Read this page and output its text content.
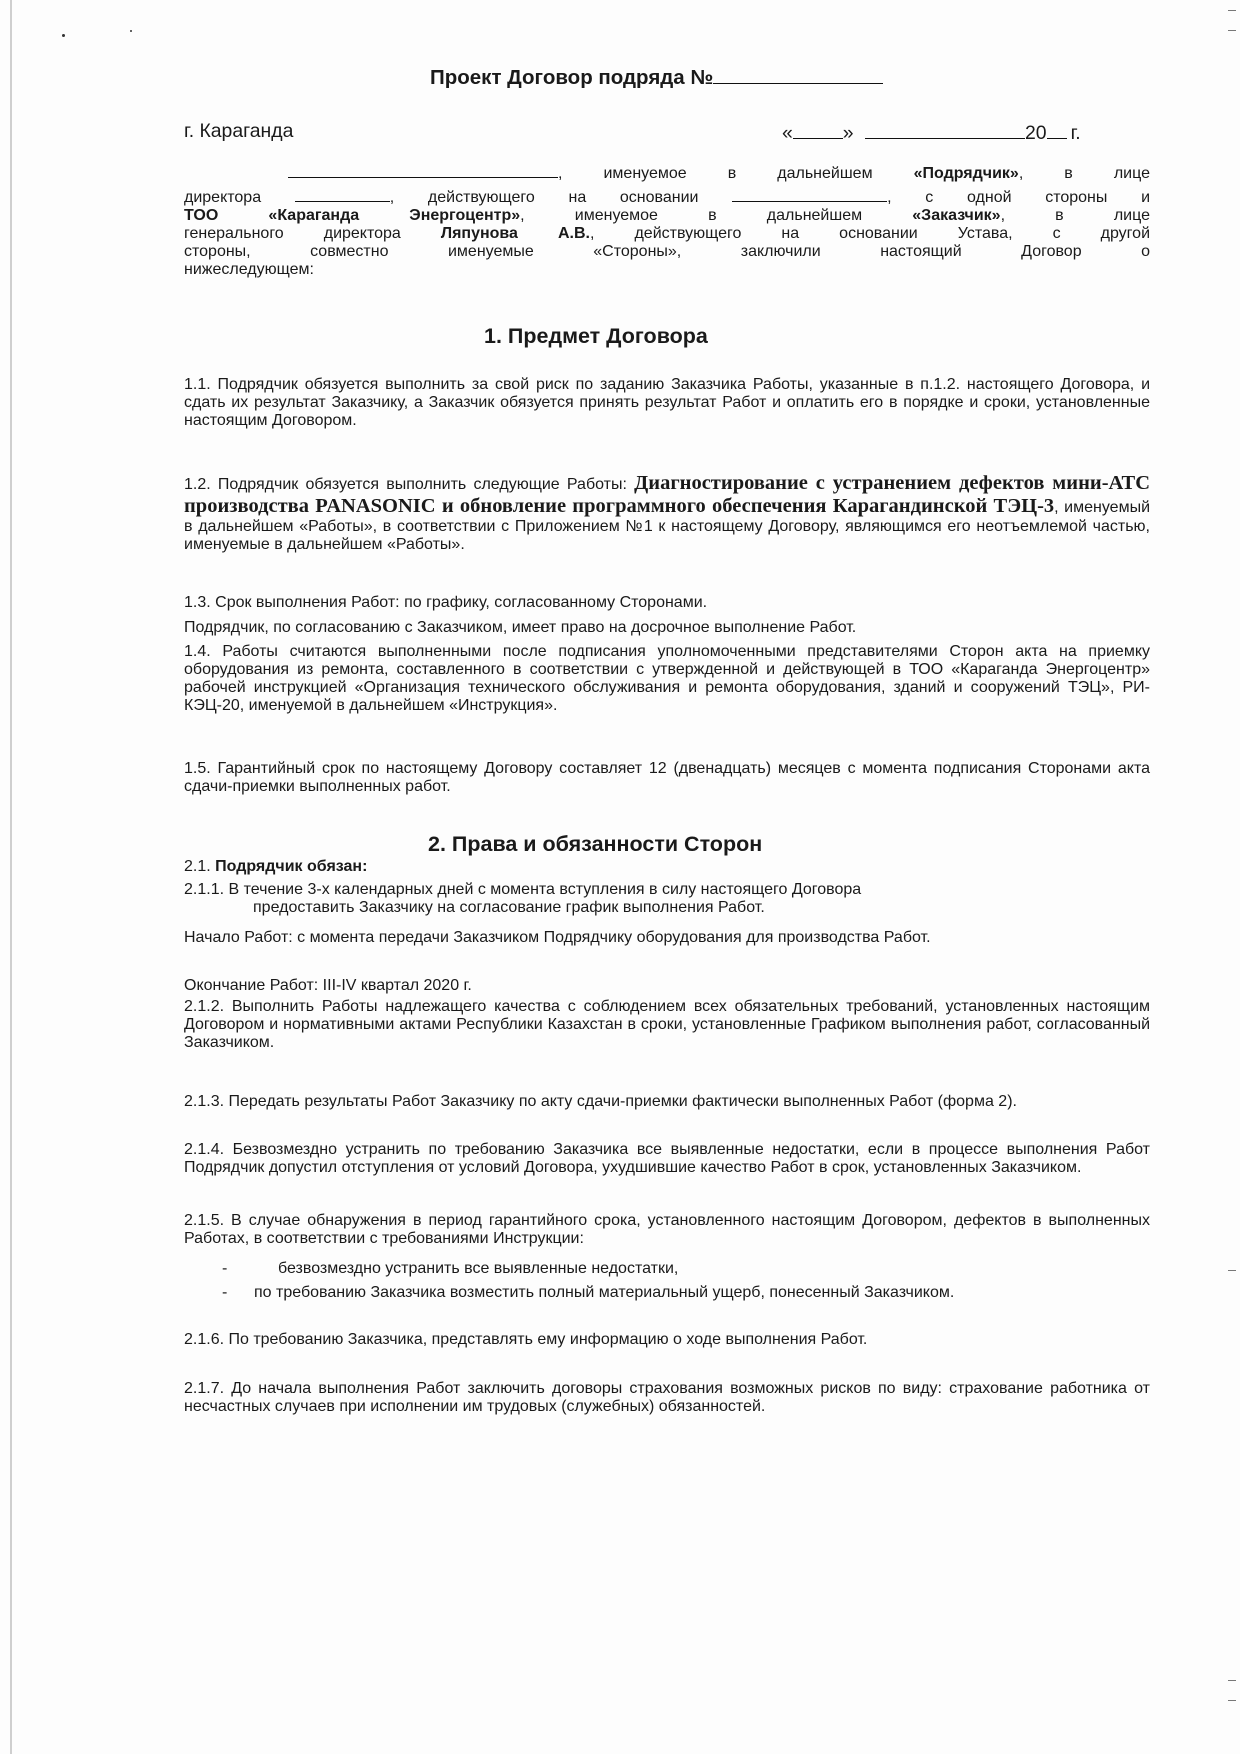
Проект Договор подряда №
г. Караганда	«	»	20 г.
, именуемое в дальнейшем «Подрядчик», в лице
директора	, действующего на основании	, с одной стороны и
ТОО «Караганда Энергоцентр», именуемое в дальнейшем «Заказчик», в лице
генерального директора Ляпунова А.В., действующего на основании Устава, с другой
стороны, совместно именуемые «Стороны», заключили настоящий Договор о
нижеследующем:
1. Предмет Договора
1.1. Подрядчик обязуется выполнить за свой риск по заданию Заказчика Работы, указанные в п.1.2. настоящего Договора, и сдать их результат Заказчику, а Заказчик обязуется принять результат Работ и оплатить его в порядке и сроки, установленные настоящим Договором.
1.2. Подрядчик обязуется выполнить следующие Работы: Диагностирование с устранением дефектов мини-АТС производства PANASONIC и обновление программного обеспечения Карагандинской ТЭЦ-3, именуемый в дальнейшем «Работы», в соответствии с Приложением №1 к настоящему Договору, являющимся его неотъемлемой частью, именуемые в дальнейшем «Работы».
1.3. Срок выполнения Работ: по графику, согласованному Сторонами.
Подрядчик, по согласованию с Заказчиком, имеет право на досрочное выполнение Работ.
1.4. Работы считаются выполненными после подписания уполномоченными представителями Сторон акта на приемку оборудования из ремонта, составленного в соответствии с утвержденной и действующей в ТОО «Караганда Энергоцентр» рабочей инструкцией «Организация технического обслуживания и ремонта оборудования, зданий и сооружений ТЭЦ», РИ-КЭЦ-20, именуемой в дальнейшем «Инструкция».
1.5. Гарантийный срок по настоящему Договору составляет 12 (двенадцать) месяцев с момента подписания Сторонами акта сдачи-приемки выполненных работ.
2. Права и обязанности Сторон
2.1. Подрядчик обязан:
2.1.1. В течение 3-х календарных дней с момента вступления в силу настоящего Договора
предоставить Заказчику на согласование график выполнения Работ.
Начало Работ: с момента передачи Заказчиком Подрядчику оборудования для производства Работ.
Окончание Работ: III-IV квартал 2020 г.
2.1.2. Выполнить Работы надлежащего качества с соблюдением всех обязательных требований, установленных настоящим Договором и нормативными актами Республики Казахстан в сроки, установленные Графиком выполнения работ, согласованный Заказчиком.
2.1.3. Передать результаты Работ Заказчику по акту сдачи-приемки фактически выполненных Работ (форма 2).
2.1.4. Безвозмездно устранить по требованию Заказчика все выявленные недостатки, если в процессе выполнения Работ Подрядчик допустил отступления от условий Договора, ухудшившие качество Работ в срок, установленных Заказчиком.
2.1.5. В случае обнаружения в период гарантийного срока, установленного настоящим Договором, дефектов в выполненных Работах, в соответствии с требованиями Инструкции:
-	безвозмездно устранить все выявленные недостатки,
-	по требованию Заказчика возместить полный материальный ущерб, понесенный Заказчиком.
2.1.6. По требованию Заказчика, представлять ему информацию о ходе выполнения Работ.
2.1.7. До начала выполнения Работ заключить договоры страхования возможных рисков по виду: страхование работника от несчастных случаев при исполнении им трудовых (служебных) обязанностей.
